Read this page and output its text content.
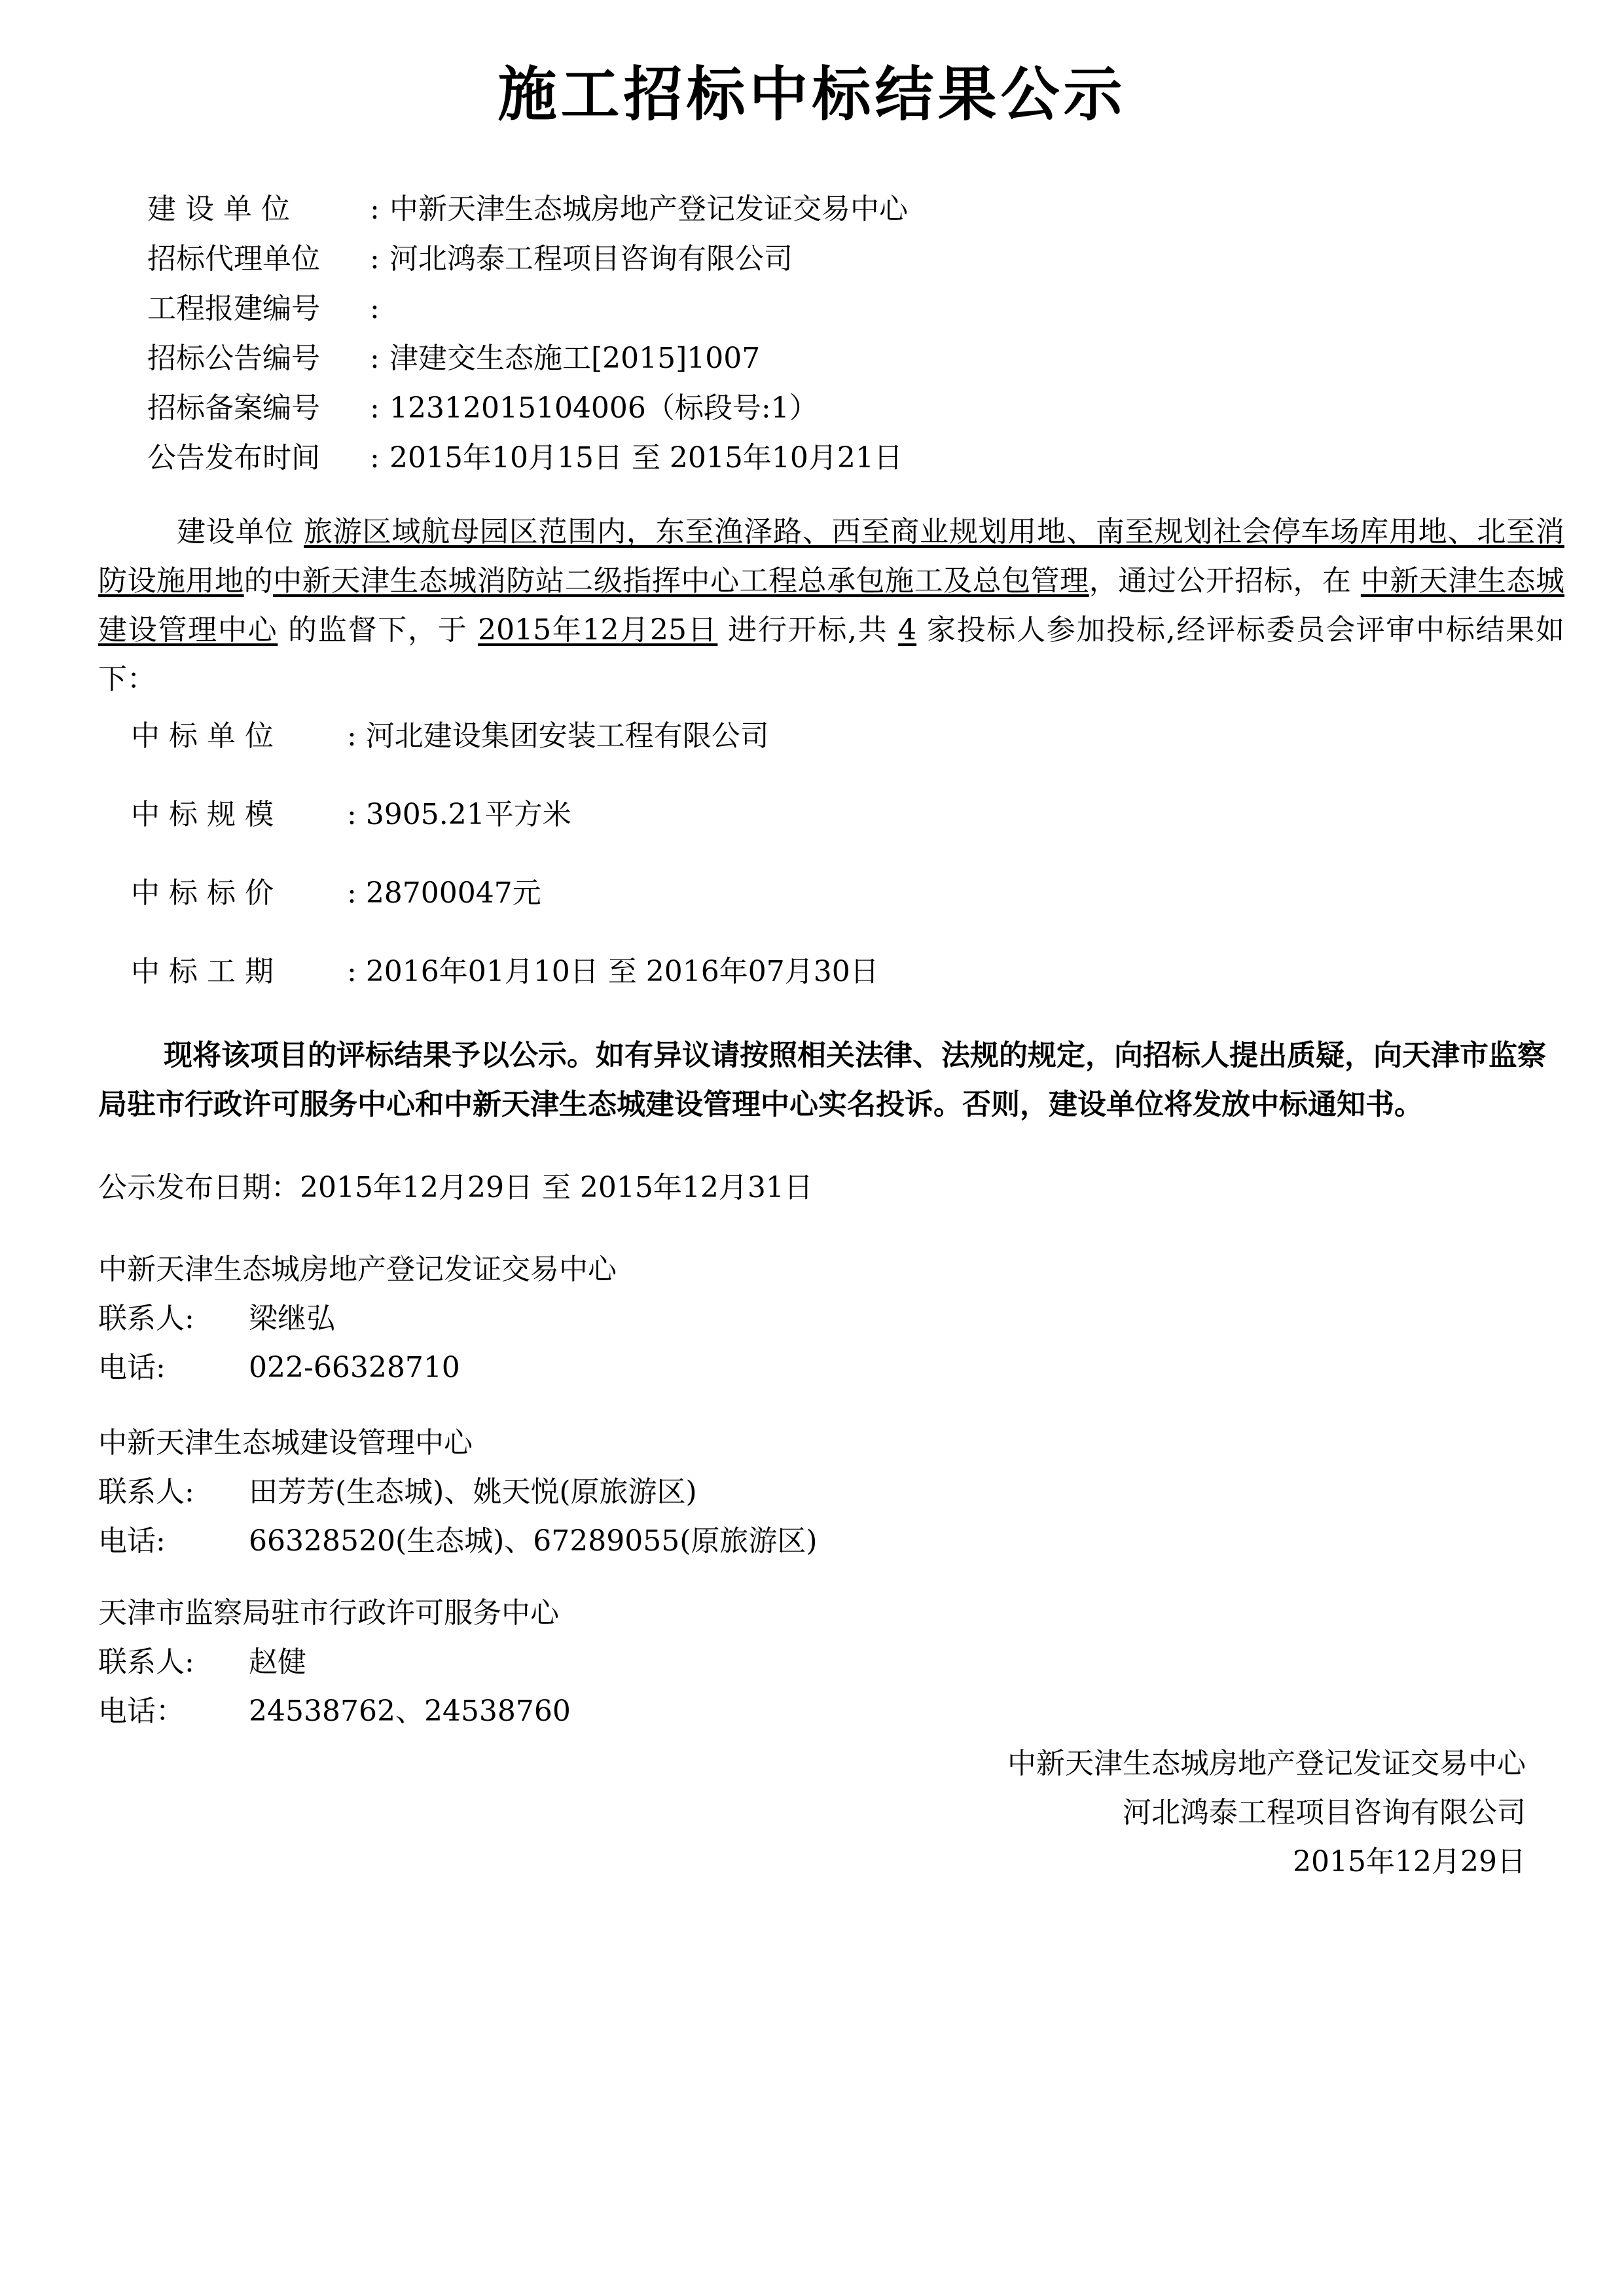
施工招标中标结果公示
建 设 单 位	: 中新天津生态城房地产登记发证交易中心
招标代理单位 : 河北鸿泰工程项目咨询有限公司
工程报建编号 :
招标公告编号 : 津建交生态施工[2015]1007
招标备案编号 : 12312015104006（标段号:1）
公告发布时间 : 2015年10月15日 至 2015年10月21日
建设单位 旅游区域航母园区范围内，东至渔泽路、西至商业规划用地、南至规划社会停车场库用地、北至消防设施用地的中新天津生态城消防站二级指挥中心工程总承包施工及总包管理，通过公开招标，在 中新天津生态城建设管理中心 的监督下，于 2015年12月25日 进行开标,共 4 家投标人参加投标,经评标委员会评审中标结果如下：
中标单位 : 河北建设集团安装工程有限公司
中标规模 : 3905.21平方米
中标标价 : 28700047元
中标工期 : 2016年01月10日 至 2016年07月30日
现将该项目的评标结果予以公示。如有异议请按照相关法律、法规的规定，向招标人提出质疑，向天津市监察局驻市行政许可服务中心和中新天津生态城建设管理中心实名投诉。否则，建设单位将发放中标通知书。
公示发布日期：2015年12月29日 至 2015年12月31日
中新天津生态城房地产登记发证交易中心
联系人: 梁继弘
电话:	022-66328710
中新天津生态城建设管理中心
联系人: 田芳芳(生态城)、姚天悦(原旅游区)
电话:	66328520(生态城)、67289055(原旅游区)
天津市监察局驻市行政许可服务中心
联系人: 赵健
电话： 24538762、24538760
中新天津生态城房地产登记发证交易中心
河北鸿泰工程项目咨询有限公司
2015年12月29日
